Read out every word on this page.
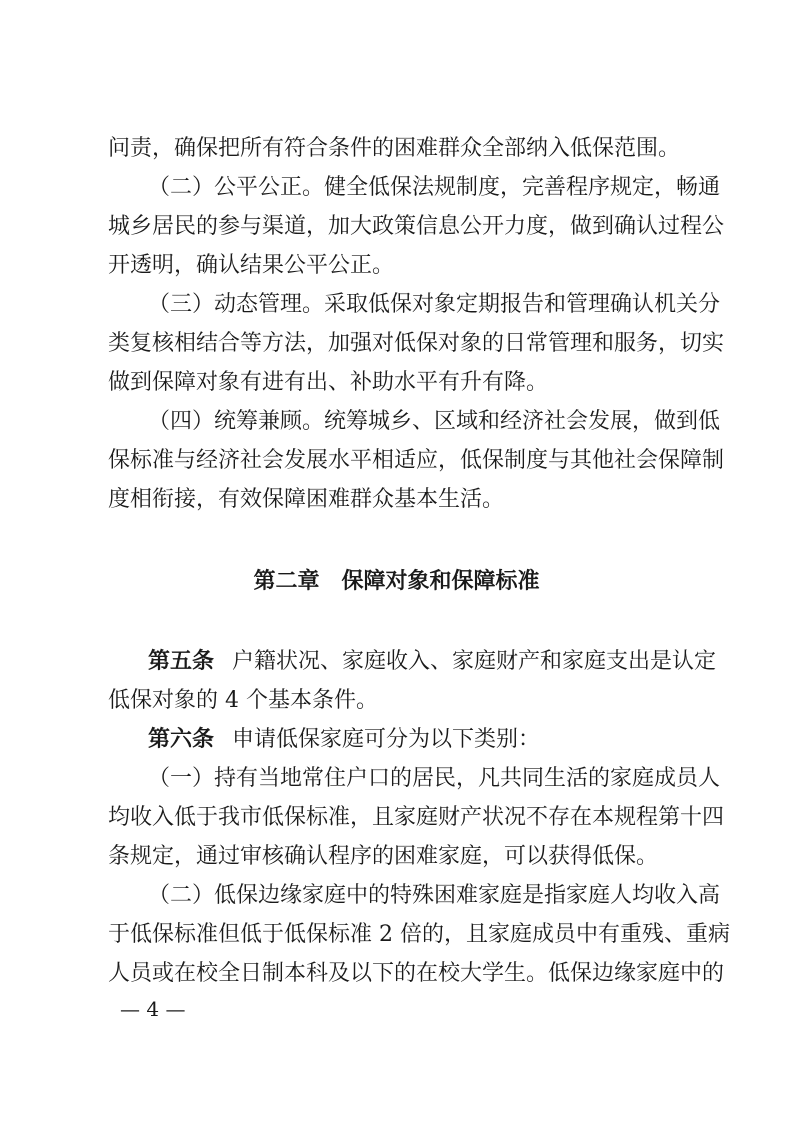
问责，确保把所有符合条件的困难群众全部纳入低保范围。
（二）公平公正。健全低保法规制度，完善程序规定，畅通
城乡居民的参与渠道，加大政策信息公开力度，做到确认过程公
开透明，确认结果公平公正。
（三）动态管理。采取低保对象定期报告和管理确认机关分
类复核相结合等方法，加强对低保对象的日常管理和服务，切实
做到保障对象有进有出、补助水平有升有降。
（四）统筹兼顾。统筹城乡、区域和经济社会发展，做到低
保标准与经济社会发展水平相适应，低保制度与其他社会保障制
度相衔接，有效保障困难群众基本生活。
第二章 保障对象和保障标准
第五条 户籍状况、家庭收入、家庭财产和家庭支出是认定
低保对象的 4 个基本条件。
第六条 申请低保家庭可分为以下类别：
（一）持有当地常住户口的居民，凡共同生活的家庭成员人
均收入低于我市低保标准，且家庭财产状况不存在本规程第十四
条规定，通过审核确认程序的困难家庭，可以获得低保。
（二）低保边缘家庭中的特殊困难家庭是指家庭人均收入高
于低保标准但低于低保标准 2 倍的，且家庭成员中有重残、重病
人员或在校全日制本科及以下的在校大学生。低保边缘家庭中的
— 4 —
